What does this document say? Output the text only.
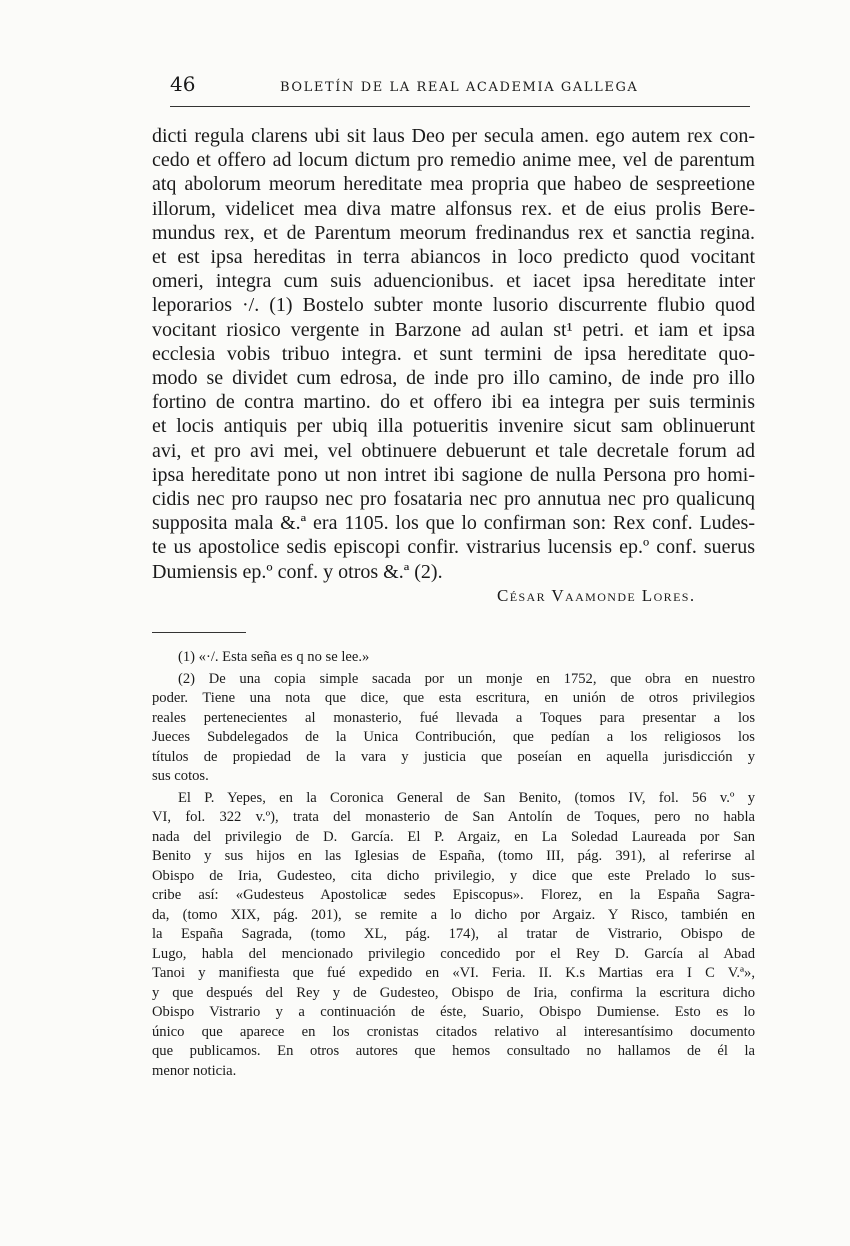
46	BOLETÍN DE LA REAL ACADEMIA GALLEGA
dicti regula clarens ubi sit laus Deo per secula amen. ego autem rex con-
cedo et offero ad locum dictum pro remedio anime mee, vel de parentum
atq abolorum meorum hereditate mea propria que habeo de sespreetione
illorum, videlicet mea diva matre alfonsus rex. et de eius prolis Bere-
mundus rex, et de Parentum meorum fredinandus rex et sanctia regina.
et est ipsa hereditas in terra abiancos in loco predicto quod vocitant
omeri, integra cum suis aduencionibus. et iacet ipsa hereditate inter
leporarios ·/. (1) Bostelo subter monte lusorio discurrente flubio quod
vocitant riosico vergente in Barzone ad aulan st¹ petri. et iam et ipsa
ecclesia vobis tribuo integra. et sunt termini de ipsa hereditate quo-
modo se dividet cum edrosa, de inde pro illo camino, de inde pro illo
fortino de contra martino. do et offero ibi ea integra per suis terminis
et locis antiquis per ubiq illa potueritis invenire sicut sam oblinuerunt
avi, et pro avi mei, vel obtinuere debuerunt et tale decretale forum ad
ipsa hereditate pono ut non intret ibi sagione de nulla Persona pro homi-
cidis nec pro raupso nec pro fosataria nec pro annutua nec pro qualicunq
supposita mala &.ª era 1105. los que lo confirman son: Rex conf. Ludes-
te us apostolice sedis episcopi confir. vistrarius lucensis ep.º conf. suerus
Dumiensis ep.º conf. y otros &.ª (2).
César Vaamonde Lores.
(1) «·/. Esta seña es q no se lee.»
(2) De una copia simple sacada por un monje en 1752, que obra en nuestro
poder. Tiene una nota que dice, que esta escritura, en unión de otros privilegios
reales pertenecientes al monasterio, fué llevada a Toques para presentar a los
Jueces Subdelegados de la Unica Contribución, que pedían a los religiosos los
títulos de propiedad de la vara y justicia que poseían en aquella jurisdicción y
sus cotos.
El P. Yepes, en la Coronica General de San Benito, (tomos IV, fol. 56 v.º y
VI, fol. 322 v.º), trata del monasterio de San Antolín de Toques, pero no habla
nada del privilegio de D. García. El P. Argaiz, en La Soledad Laureada por San
Benito y sus hijos en las Iglesias de España, (tomo III, pág. 391), al referirse al
Obispo de Iria, Gudesteo, cita dicho privilegio, y dice que este Prelado lo sus-
cribe así: «Gudesteus Apostolicæ sedes Episcopus». Florez, en la España Sagra-
da, (tomo XIX, pág. 201), se remite a lo dicho por Argaiz. Y Risco, también en
la España Sagrada, (tomo XL, pág. 174), al tratar de Vistrario, Obispo de
Lugo, habla del mencionado privilegio concedido por el Rey D. García al Abad
Tanoi y manifiesta que fué expedido en «VI. Feria. II. K.s Martias era I C V.ª»,
y que después del Rey y de Gudesteo, Obispo de Iria, confirma la escritura dicho
Obispo Vistrario y a continuación de éste, Suario, Obispo Dumiense. Esto es lo
único que aparece en los cronistas citados relativo al interesantísimo documento
que publicamos. En otros autores que hemos consultado no hallamos de él la
menor noticia.
